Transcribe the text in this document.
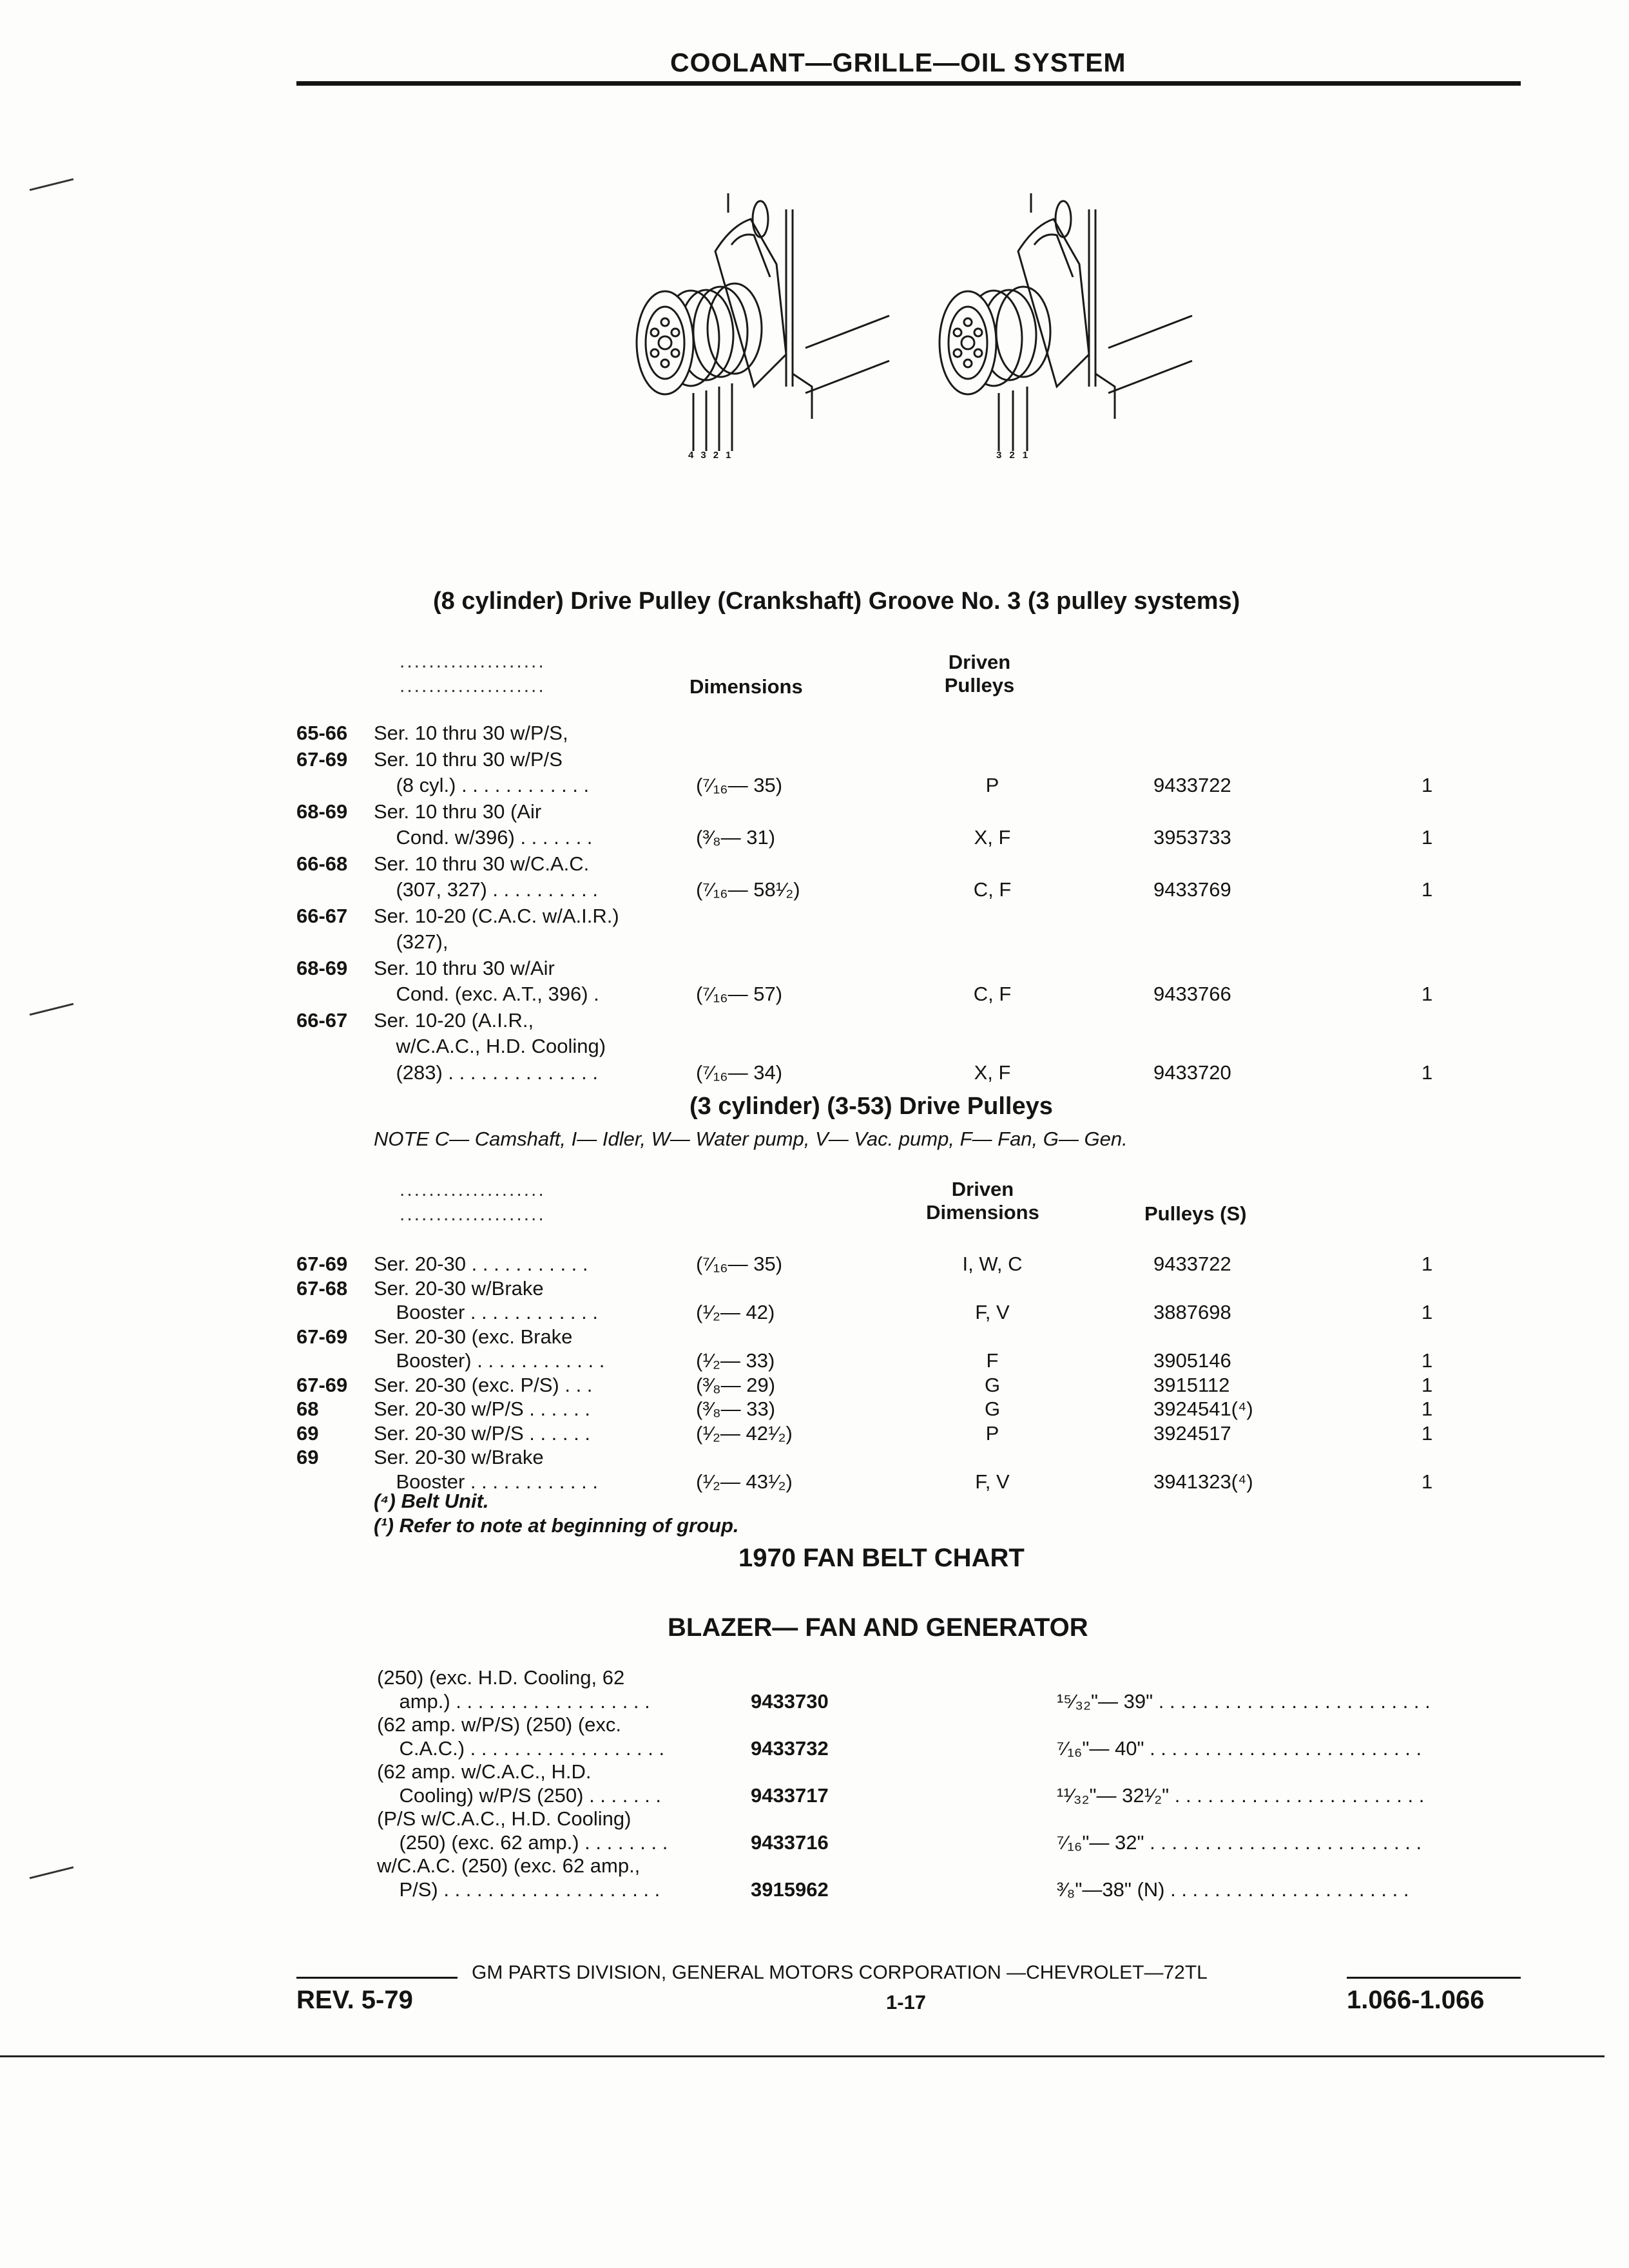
COOLANT—GRILLE—OIL SYSTEM
4321	321
(8 cylinder) Drive Pulley (Crankshaft) Groove No. 3 (3 pulley systems)
....................
....................	Dimensions
Driven
Pulleys
65-66 Ser. 10 thru 30 w/P/S,
67-69 Ser. 10 thru 30 w/P/S
(8 cyl.) . . . . . . . . . . . .	(⁷⁄₁₆— 35)	P	9433722	1
68-69 Ser. 10 thru 30 (Air
Cond. w/396) . . . . . . .	(³⁄₈— 31)	X, F	3953733	1
66-68 Ser. 10 thru 30 w/C.A.C.
(307, 327) . . . . . . . . . .	(⁷⁄₁₆— 58¹⁄₂)	C, F	9433769	1
66-67 Ser. 10-20 (C.A.C. w/A.I.R.)
(327),
68-69 Ser. 10 thru 30 w/Air
Cond. (exc. A.T., 396) .	(⁷⁄₁₆— 57)	C, F	9433766	1
66-67 Ser. 10-20 (A.I.R.,
w/C.A.C., H.D. Cooling)
(283) . . . . . . . . . . . . . .	(⁷⁄₁₆— 34)	X, F	9433720	1
(3 cylinder) (3-53) Drive Pulleys
NOTE C— Camshaft, I— Idler, W— Water pump, V— Vac. pump, F— Fan, G— Gen.
....................
....................
Driven
Dimensions	Pulleys (S)
67-69 Ser. 20-30 . . . . . . . . . . .	(⁷⁄₁₆— 35)	I, W, C	9433722	1
67-68 Ser. 20-30 w/Brake
Booster . . . . . . . . . . . .	(¹⁄₂— 42)	F, V	3887698	1
67-69 Ser. 20-30 (exc. Brake
Booster) . . . . . . . . . . . .	(¹⁄₂— 33)	F	3905146	1
67-69 Ser. 20-30 (exc. P/S) . . .	(³⁄₈— 29)	G	3915112	1
68	Ser. 20-30 w/P/S . . . . . .	(³⁄₈— 33)	G	3924541(⁴)	1
69	Ser. 20-30 w/P/S . . . . . .	(¹⁄₂— 42¹⁄₂)	P	3924517	1
69	Ser. 20-30 w/Brake
Booster . . . . . . . . . . . .	(¹⁄₂— 43¹⁄₂)	F, V	3941323(⁴)	1
(⁴) Belt Unit.
(¹) Refer to note at beginning of group.
1970 FAN BELT CHART
BLAZER— FAN AND GENERATOR
(250) (exc. H.D. Cooling, 62
amp.) . . . . . . . . . . . . . . . . . .	9433730	¹⁵⁄₃₂"— 39" . . . . . . . . . . . . . . . . . . . . . . . . .
(62 amp. w/P/S) (250) (exc.
C.A.C.) . . . . . . . . . . . . . . . . . .	9433732	⁷⁄₁₆"— 40" . . . . . . . . . . . . . . . . . . . . . . . . .
(62 amp. w/C.A.C., H.D.
Cooling) w/P/S (250) . . . . . . .	9433717	¹¹⁄₃₂"— 32¹⁄₂" . . . . . . . . . . . . . . . . . . . . . . .
(P/S w/C.A.C., H.D. Cooling)
(250) (exc. 62 amp.) . . . . . . . .	9433716	⁷⁄₁₆"— 32" . . . . . . . . . . . . . . . . . . . . . . . . .
w/C.A.C. (250) (exc. 62 amp.,
P/S) . . . . . . . . . . . . . . . . . . . .	3915962	³⁄₈"—38" (N) . . . . . . . . . . . . . . . . . . . . . .
GM PARTS DIVISION, GENERAL MOTORS CORPORATION —CHEVROLET—72TL
REV. 5-79	1-17	1.066-1.066
